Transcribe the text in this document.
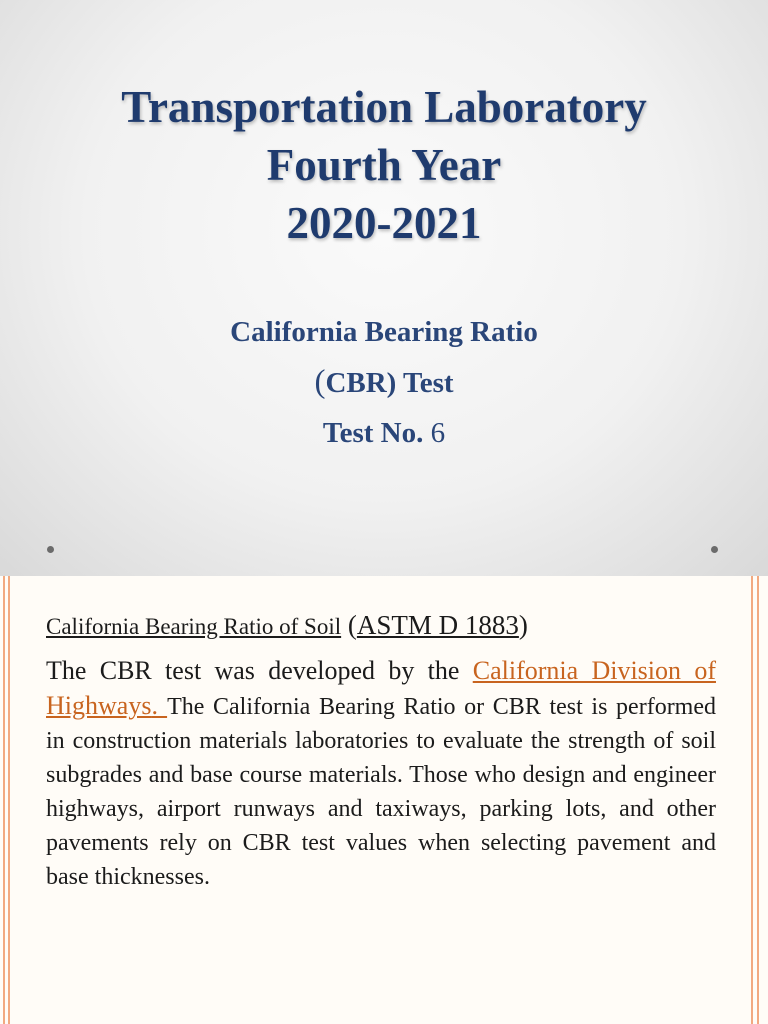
Transportation Laboratory
Fourth Year
2020-2021
California Bearing Ratio
(CBR) Test
Test No. 6
California Bearing Ratio of Soil (ASTM D 1883)
The CBR test was developed by the California Division of Highways. The California Bearing Ratio or CBR test is performed in construction materials laboratories to evaluate the strength of soil subgrades and base course materials. Those who design and engineer highways, airport runways and taxiways, parking lots, and other pavements rely on CBR test values when selecting pavement and base thicknesses.
